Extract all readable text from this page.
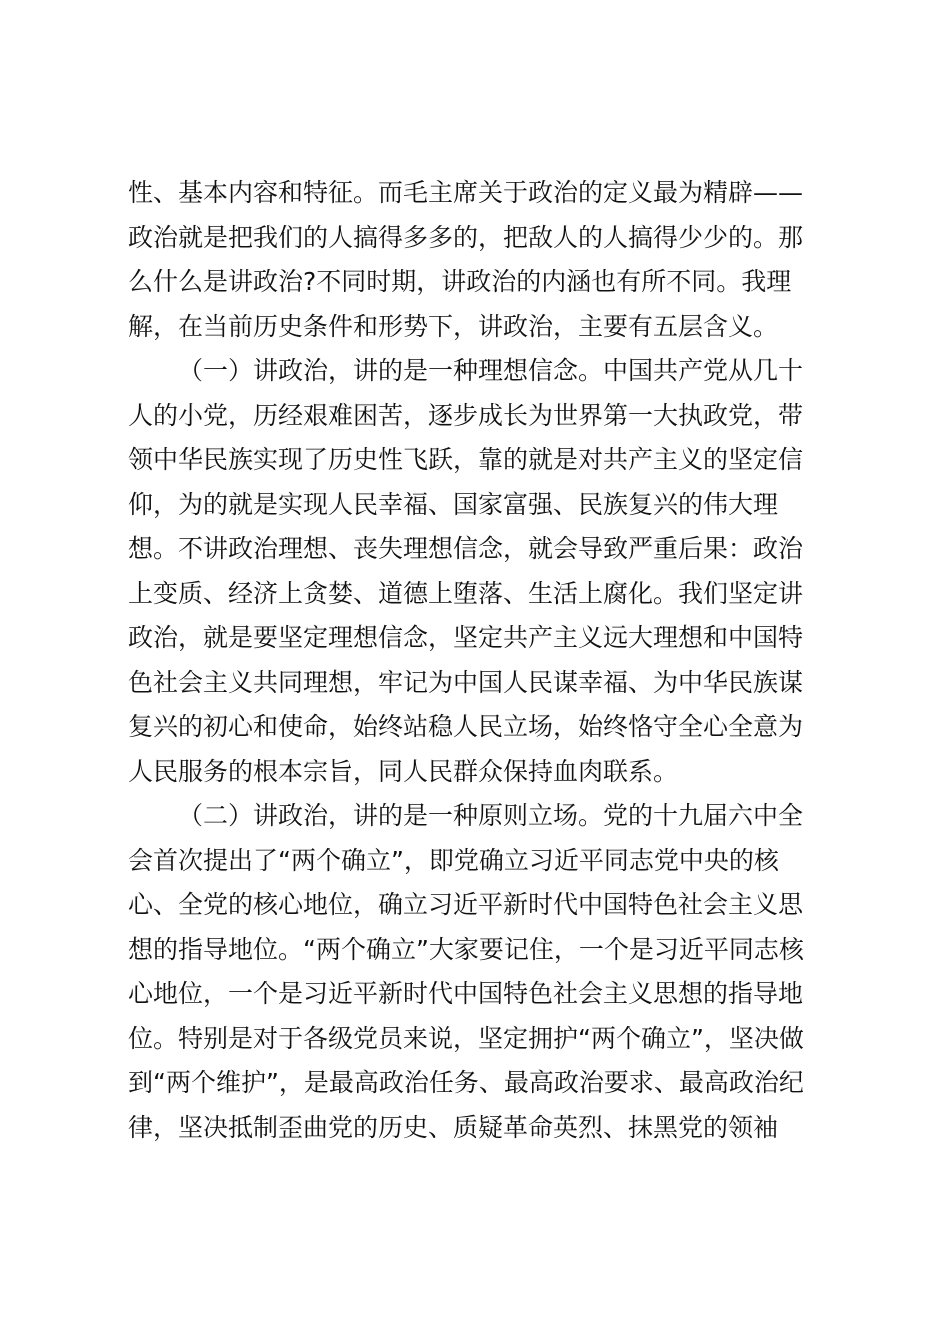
性、基本内容和特征。而毛主席关于政治的定义最为精辟——
政治就是把我们的人搞得多多的，把敌人的人搞得少少的。那
么什么是讲政治?不同时期，讲政治的内涵也有所不同。我理
解，在当前历史条件和形势下，讲政治，主要有五层含义。
（一）讲政治，讲的是一种理想信念。中国共产党从几十
人的小党，历经艰难困苦，逐步成长为世界第一大执政党，带
领中华民族实现了历史性飞跃，靠的就是对共产主义的坚定信
仰，为的就是实现人民幸福、国家富强、民族复兴的伟大理
想。不讲政治理想、丧失理想信念，就会导致严重后果：政治
上变质、经济上贪婪、道德上堕落、生活上腐化。我们坚定讲
政治，就是要坚定理想信念，坚定共产主义远大理想和中国特
色社会主义共同理想，牢记为中国人民谋幸福、为中华民族谋
复兴的初心和使命，始终站稳人民立场，始终恪守全心全意为
人民服务的根本宗旨，同人民群众保持血肉联系。
（二）讲政治，讲的是一种原则立场。党的十九届六中全
会首次提出了“两个确立”，即党确立习近平同志党中央的核
心、全党的核心地位，确立习近平新时代中国特色社会主义思
想的指导地位。“两个确立”大家要记住，一个是习近平同志核
心地位，一个是习近平新时代中国特色社会主义思想的指导地
位。特别是对于各级党员来说，坚定拥护“两个确立”，坚决做
到“两个维护”，是最高政治任务、最高政治要求、最高政治纪
律，坚决抵制歪曲党的历史、质疑革命英烈、抹黑党的领袖
